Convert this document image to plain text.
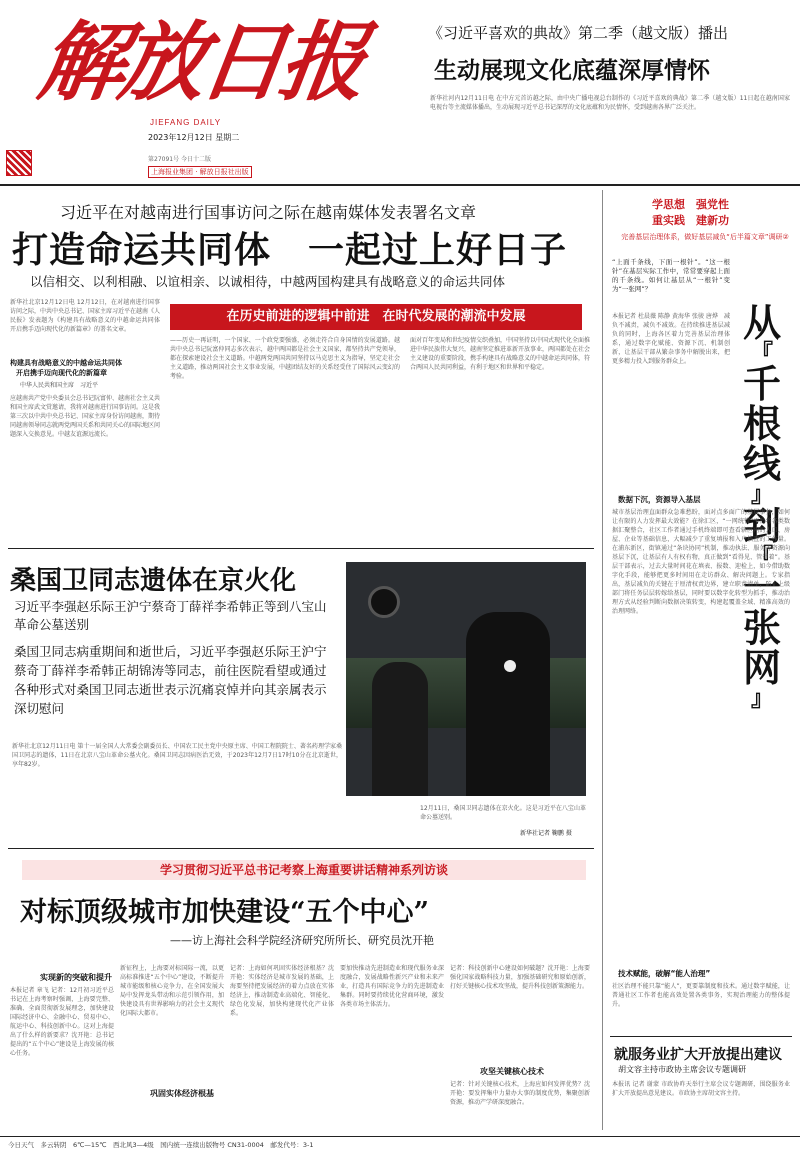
解放日报
JIEFANG DAILY
2023年12月12日 星期二
第27091号 今日十二版
上海报业集团 · 解放日报社出版
《习近平喜欢的典故》第二季（越文版）播出
生动展现文化底蕴深厚情怀
新华社河内12月11日电 在中方元首访越之际，由中央广播电视总台制作的《习近平喜欢的典故》第二季（越文版）11日起在越南国家电视台等主流媒体播出，生动展现习近平总书记深厚的文化底蕴和为民情怀，受到越南各界广泛关注。
习近平在对越南进行国事访问之际在越南媒体发表署名文章
打造命运共同体　一起过上好日子
以信相交、以利相融、以谊相亲、以诚相待，中越两国构建具有战略意义的命运共同体
在历史前进的逻辑中前进　在时代发展的潮流中发展
新华社北京12月12日电 12月12日，在对越南进行国事访问之际，中共中央总书记、国家主席习近平在越南《人民报》发表题为《构建具有战略意义的中越命运共同体 开启携手迈向现代化的新篇章》的署名文章。
构建具有战略意义的中越命运共同体
开启携手迈向现代化的新篇章
中华人民共和国主席　习近平
应越南共产党中央委员会总书记阮富仲、越南社会主义共和国主席武文赏邀请，我将对越南进行国事访问。这是我第三次以中共中央总书记、国家主席身份访问越南，期待同越南领导同志就两党两国关系和共同关心的国际地区问题深入交换意见。中越友谊源远流长。
——历史一再证明，一个国家、一个政党要强盛，必须走符合自身国情的发展道路。越共中央总书记阮富仲同志多次表示，越中两国都是社会主义国家，都坚持共产党领导，都在探索建设社会主义道路。中越两党两国共同坚持以马克思主义为指导，坚定走社会主义道路，推动两国社会主义事业发展，中越团结友好的关系经受住了国际风云变幻的考验。
面对百年变局和世纪疫情交织叠加，中国坚持以中国式现代化全面推进中华民族伟大复兴，越南坚定推进革新开放事业，两国都处在社会主义建设的重要阶段，携手构建具有战略意义的中越命运共同体，符合两国人民共同利益，有利于地区和世界和平稳定。
桑国卫同志遗体在京火化
习近平李强赵乐际王沪宁蔡奇丁薛祥李希韩正等到八宝山革命公墓送别
桑国卫同志病重期间和逝世后，习近平李强赵乐际王沪宁蔡奇丁薛祥李希韩正胡锦涛等同志，前往医院看望或通过各种形式对桑国卫同志逝世表示沉痛哀悼并向其亲属表示深切慰问
新华社北京12月11日电 第十一届全国人大常委会副委员长、中国农工民主党中央原主席、中国工程院院士、著名药理学家桑国卫同志的遗体，11日在北京八宝山革命公墓火化。桑国卫同志因病医治无效，于2023年12月7日17时10分在北京逝世，享年82岁。
12月11日，桑国卫同志遗体在京火化。这是习近平在八宝山革命公墓送别。
新华社记者 鞠鹏 摄
学习贯彻习近平总书记考察上海重要讲话精神系列访谈
对标顶级城市加快建设“五个中心”
——访上海社会科学院经济研究所所长、研究员沈开艳
实现新的突破和提升
本报记者 章飞 记者：12月初习近平总书记在上海考察时强调，上海要完整、准确、全面贯彻新发展理念，加快建设国际经济中心、金融中心、贸易中心、航运中心、科技创新中心。这对上海提出了什么样的新要求？沈开艳：总书记提出的“五个中心”建设是上海发展的核心任务。
新征程上，上海要对标国际一流，以更高标准推进“五个中心”建设，不断提升城市能级和核心竞争力，在全国发展大局中发挥龙头带动和示范引领作用，加快建设具有世界影响力的社会主义现代化国际大都市。
巩固实体经济根基
记者：上海如何巩固实体经济根基？沈开艳：实体经济是城市发展的基础，上海要坚持把发展经济的着力点放在实体经济上，推动制造业高端化、智能化、绿色化发展，加快构建现代化产业体系。
要加快推动先进制造业和现代服务业深度融合，发展战略性新兴产业和未来产业，打造具有国际竞争力的先进制造业集群。同时要持续优化营商环境，激发各类市场主体活力。
记者：科技创新中心建设如何破题？沈开艳：上海要强化国家战略科技力量，加强基础研究和原始创新，打好关键核心技术攻坚战，提升科技创新策源能力。
攻坚关键核心技术
记者：针对关键核心技术，上海应如何发挥优势？沈开艳：要发挥集中力量办大事的制度优势，集聚创新资源，推动产学研深度融合。
学思想　强党性
重实践　建新功
完善基层治理体系，做好基层减负“后半篇文章”调研②
“上面千条线，下面一根针”。“这一根针”在基层实际工作中，常常要穿起上面的千条线。如何让基层从“一根针”变为“一张网”？
本报记者 杜晨薇 陈静 黄海华 张骏 唐烨　减负不减责，减负不减效。在持续推进基层减负的同时，上海各区着力完善基层治理体系，通过数字化赋能、资源下沉、机制创新，让基层干部从繁杂事务中解脱出来，把更多精力投入到服务群众上。
从
『
千
根
线
』
到
『
一
张
网
』
数据下沉，资源导入基层
城市基层治理直面群众急难愁盼，面对点多面广的基层事务，如何让有限的人力发挥最大效能？在徐汇区，“一网统管”平台将各类数据汇聚整合，社区工作者通过手机终端即可查看辖区内的人口、房屋、企业等基础信息，大幅减少了重复填报和入户核查的工作量。在浦东新区，街镇通过“条块协同”机制，推动执法、服务等资源向基层下沉，让基层有人有权有物，真正做到“看得见、管得着”。基层干部表示，过去大量时间花在填表、报数、迎检上，如今借助数字化手段，能够把更多时间用在走访群众、解决问题上。专家指出，基层减负的关键在于厘清权责边界，建立职责清单，防止上级部门将任务层层转嫁给基层，同时要以数字化转型为抓手，推动治理方式从经验判断向数据决策转变，构建起覆盖全域、精准高效的治理网络。
技术赋能，破解“能人治理”
社区治理不能只靠“能人”，更要靠制度和技术。通过数字赋能，让普通社区工作者也能高效处置各类事务，实现治理能力的整体提升。
就服务业扩大开放提出建议
胡文容主持市政协主席会议专题调研
本报讯 记者 谢蒙 市政协昨天举行主席会议专题调研，围绕服务业扩大开放提出意见建议。市政协主席胡文容主持。
今日天气　多云转阴　6℃—15℃　西北风3—4级　国内统一连续出版物号 CN31-0004　邮发代号：3-1
